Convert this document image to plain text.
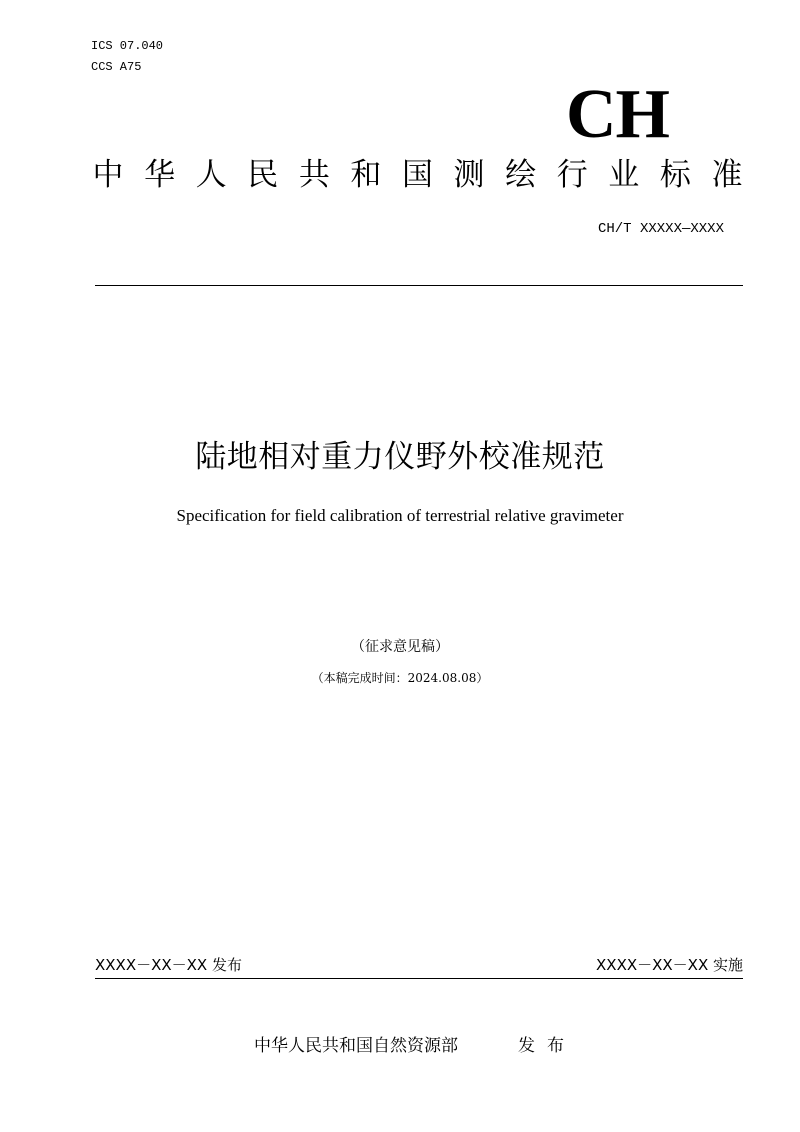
ICS 07.040
CCS A75
CH
中 华 人 民 共 和 国 测 绘 行 业 标 准
CH/T XXXXX—XXXX
陆地相对重力仪野外校准规范
Specification for field calibration of terrestrial relative gravimeter
（征求意见稿）
（本稿完成时间：2024.08.08）
XXXX－XX－XX 发布	XXXX－XX－XX 实施
中华人民共和国自然资源部	发布
